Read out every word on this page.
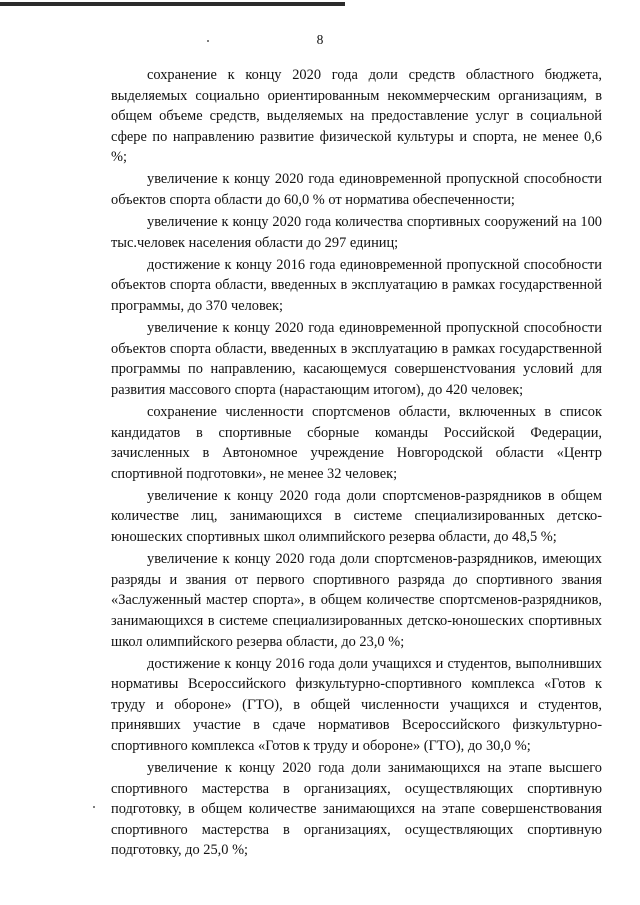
8

сохранение к концу 2020 года доли средств областного бюджета, выделяемых социально ориентированным некоммерческим организациям, в общем объеме средств, выделяемых на предоставление услуг в социальной сфере по направлению развитие физической культуры и спорта, не менее 0,6 %;

увеличение к концу 2020 года единовременной пропускной способности объектов спорта области до 60,0 % от норматива обеспеченности;

увеличение к концу 2020 года количества спортивных сооружений на 100 тыс.человек населения области до 297 единиц;

достижение к концу 2016 года единовременной пропускной способности объектов спорта области, введенных в эксплуатацию в рамках государственной программы, до 370 человек;

увеличение к концу 2020 года единовременной пропускной способности объектов спорта области, введенных в эксплуатацию в рамках государственной программы по направлению, касающемуся совершенстvования условий для развития массового спорта (нарастающим итогом), до 420 человек;

сохранение численности спортсменов области, включенных в список кандидатов в спортивные сборные команды Российской Федерации, зачисленных в Автономное учреждение Новгородской области «Центр спортивной подготовки», не менее 32 человек;

увеличение к концу 2020 года доли спортсменов-разрядников в общем количестве лиц, занимающихся в системе специализированных детско-юношеских спортивных школ олимпийского резерва области, до 48,5 %;

увеличение к концу 2020 года доли спортсменов-разрядников, имеющих разряды и звания от первого спортивного разряда до спортивного звания «Заслуженный мастер спорта», в общем количестве спортсменов-разрядников, занимающихся в системе специализированных детско-юношеских спортивных школ олимпийского резерва области, до 23,0 %;

достижение к концу 2016 года доли учащихся и студентов, выполнивших нормативы Всероссийского физкультурно-спортивного комплекса «Готов к труду и обороне» (ГТО), в общей численности учащихся и студентов, принявших участие в сдаче нормативов Всероссийского физкультурно-спортивного комплекса «Готов к труду и обороне» (ГТО), до 30,0 %;

увеличение к концу 2020 года доли занимающихся на этапе высшего спортивного мастерства в организациях, осуществляющих спортивную подготовку, в общем количестве занимающихся на этапе совершенствования спортивного мастерства в организациях, осуществляющих спортивную подготовку, до 25,0 %;
